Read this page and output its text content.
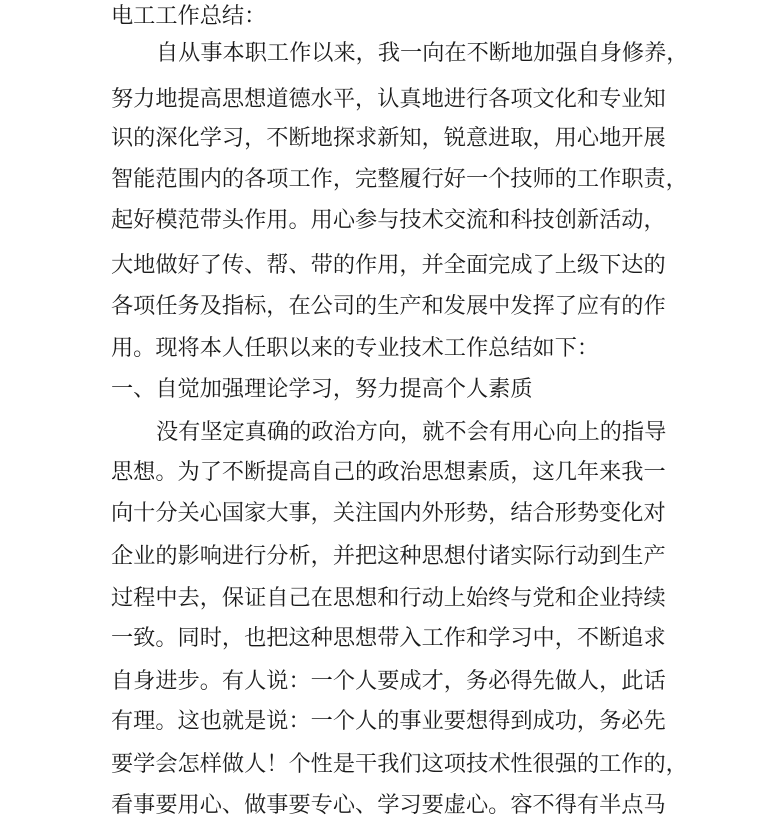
电工工作总结：
自从事本职工作以来，我一向在不断地加强自身修养，
努力地提高思想道德水平，认真地进行各项文化和专业知
识的深化学习，不断地探求新知，锐意进取，用心地开展
智能范围内的各项工作，完整履行好一个技师的工作职责，
起好模范带头作用。用心参与技术交流和科技创新活动，
大地做好了传、帮、带的作用，并全面完成了上级下达的
各项任务及指标，在公司的生产和发展中发挥了应有的作
用。现将本人任职以来的专业技术工作总结如下：
一、自觉加强理论学习，努力提高个人素质
没有坚定真确的政治方向，就不会有用心向上的指导
思想。为了不断提高自己的政治思想素质，这几年来我一
向十分关心国家大事，关注国内外形势，结合形势变化对
企业的影响进行分析，并把这种思想付诸实际行动到生产
过程中去，保证自己在思想和行动上始终与党和企业持续
一致。同时，也把这种思想带入工作和学习中，不断追求
自身进步。有人说：一个人要成才，务必得先做人，此话
有理。这也就是说：一个人的事业要想得到成功，务必先
要学会怎样做人！个性是干我们这项技术性很强的工作的，
看事要用心、做事要专心、学习要虚心。容不得有半点马
